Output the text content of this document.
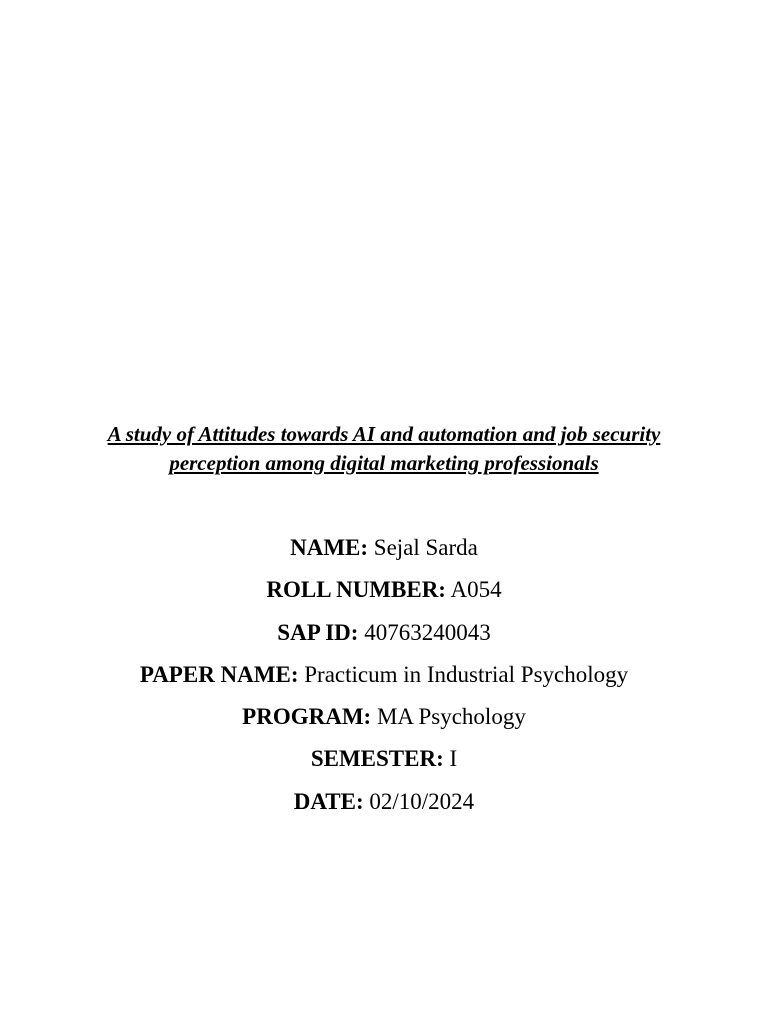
A study of Attitudes towards AI and automation and job security
perception among digital marketing professionals
NAME: Sejal Sarda
ROLL NUMBER: A054
SAP ID: 40763240043
PAPER NAME: Practicum in Industrial Psychology
PROGRAM: MA Psychology
SEMESTER: I
DATE: 02/10/2024
